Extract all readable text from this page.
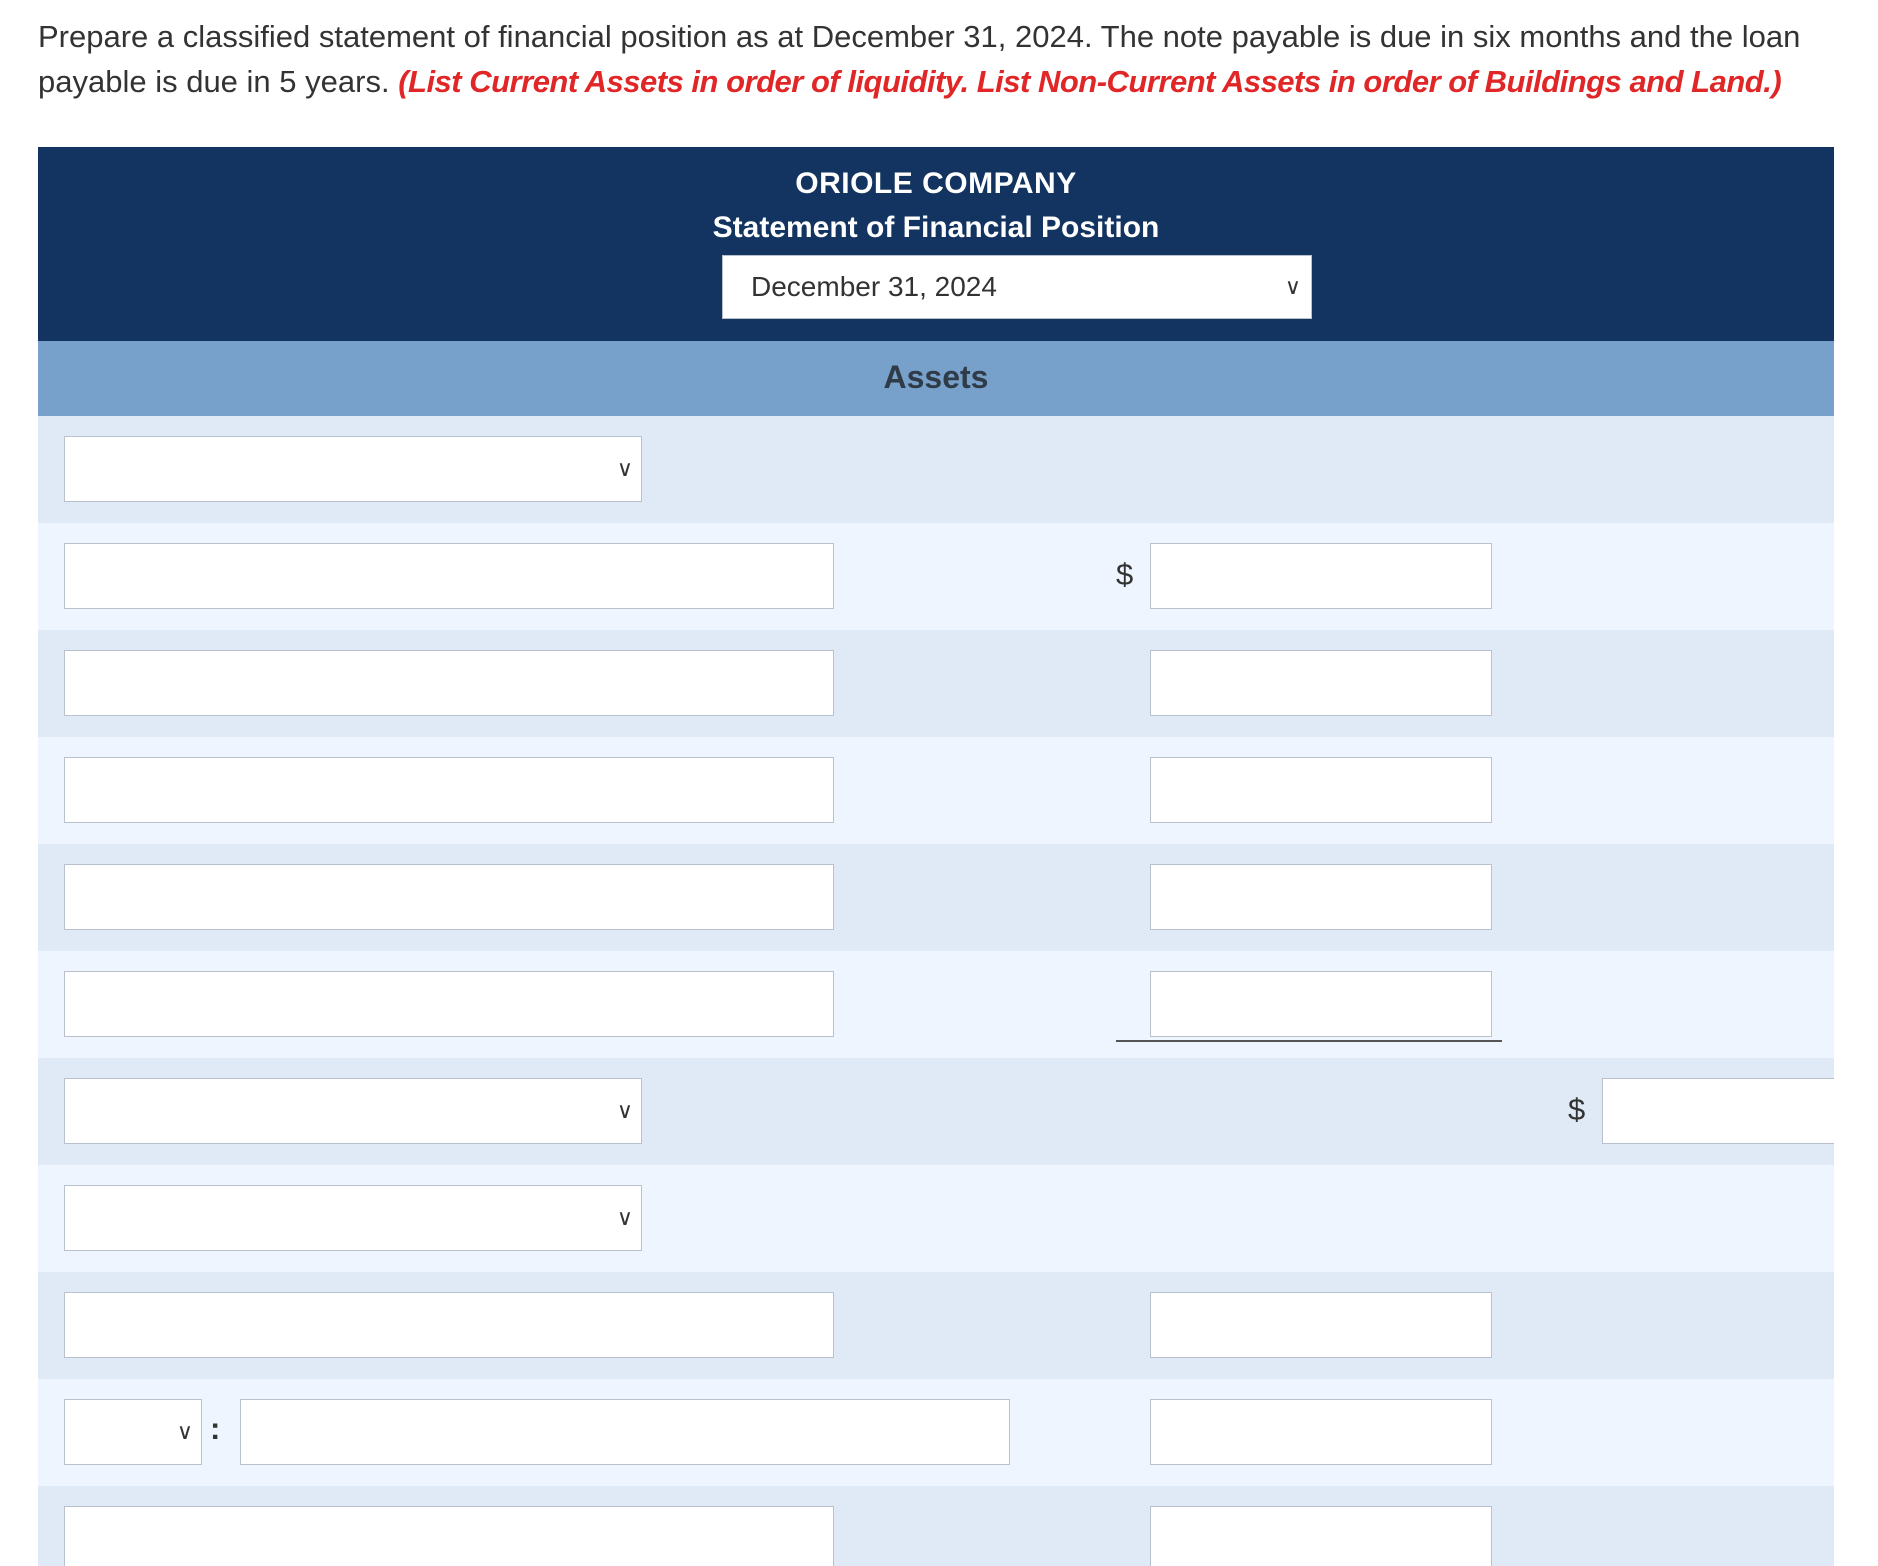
Prepare a classified statement of financial position as at December 31, 2024. The note payable is due in six months and the loan payable is due in 5 years. (List Current Assets in order of liquidity. List Non-Current Assets in order of Buildings and Land.)
ORIOLE COMPANY
Statement of Financial Position
December 31, 2024	∨
Assets
∨
$
∨	$
∨
∨ :
